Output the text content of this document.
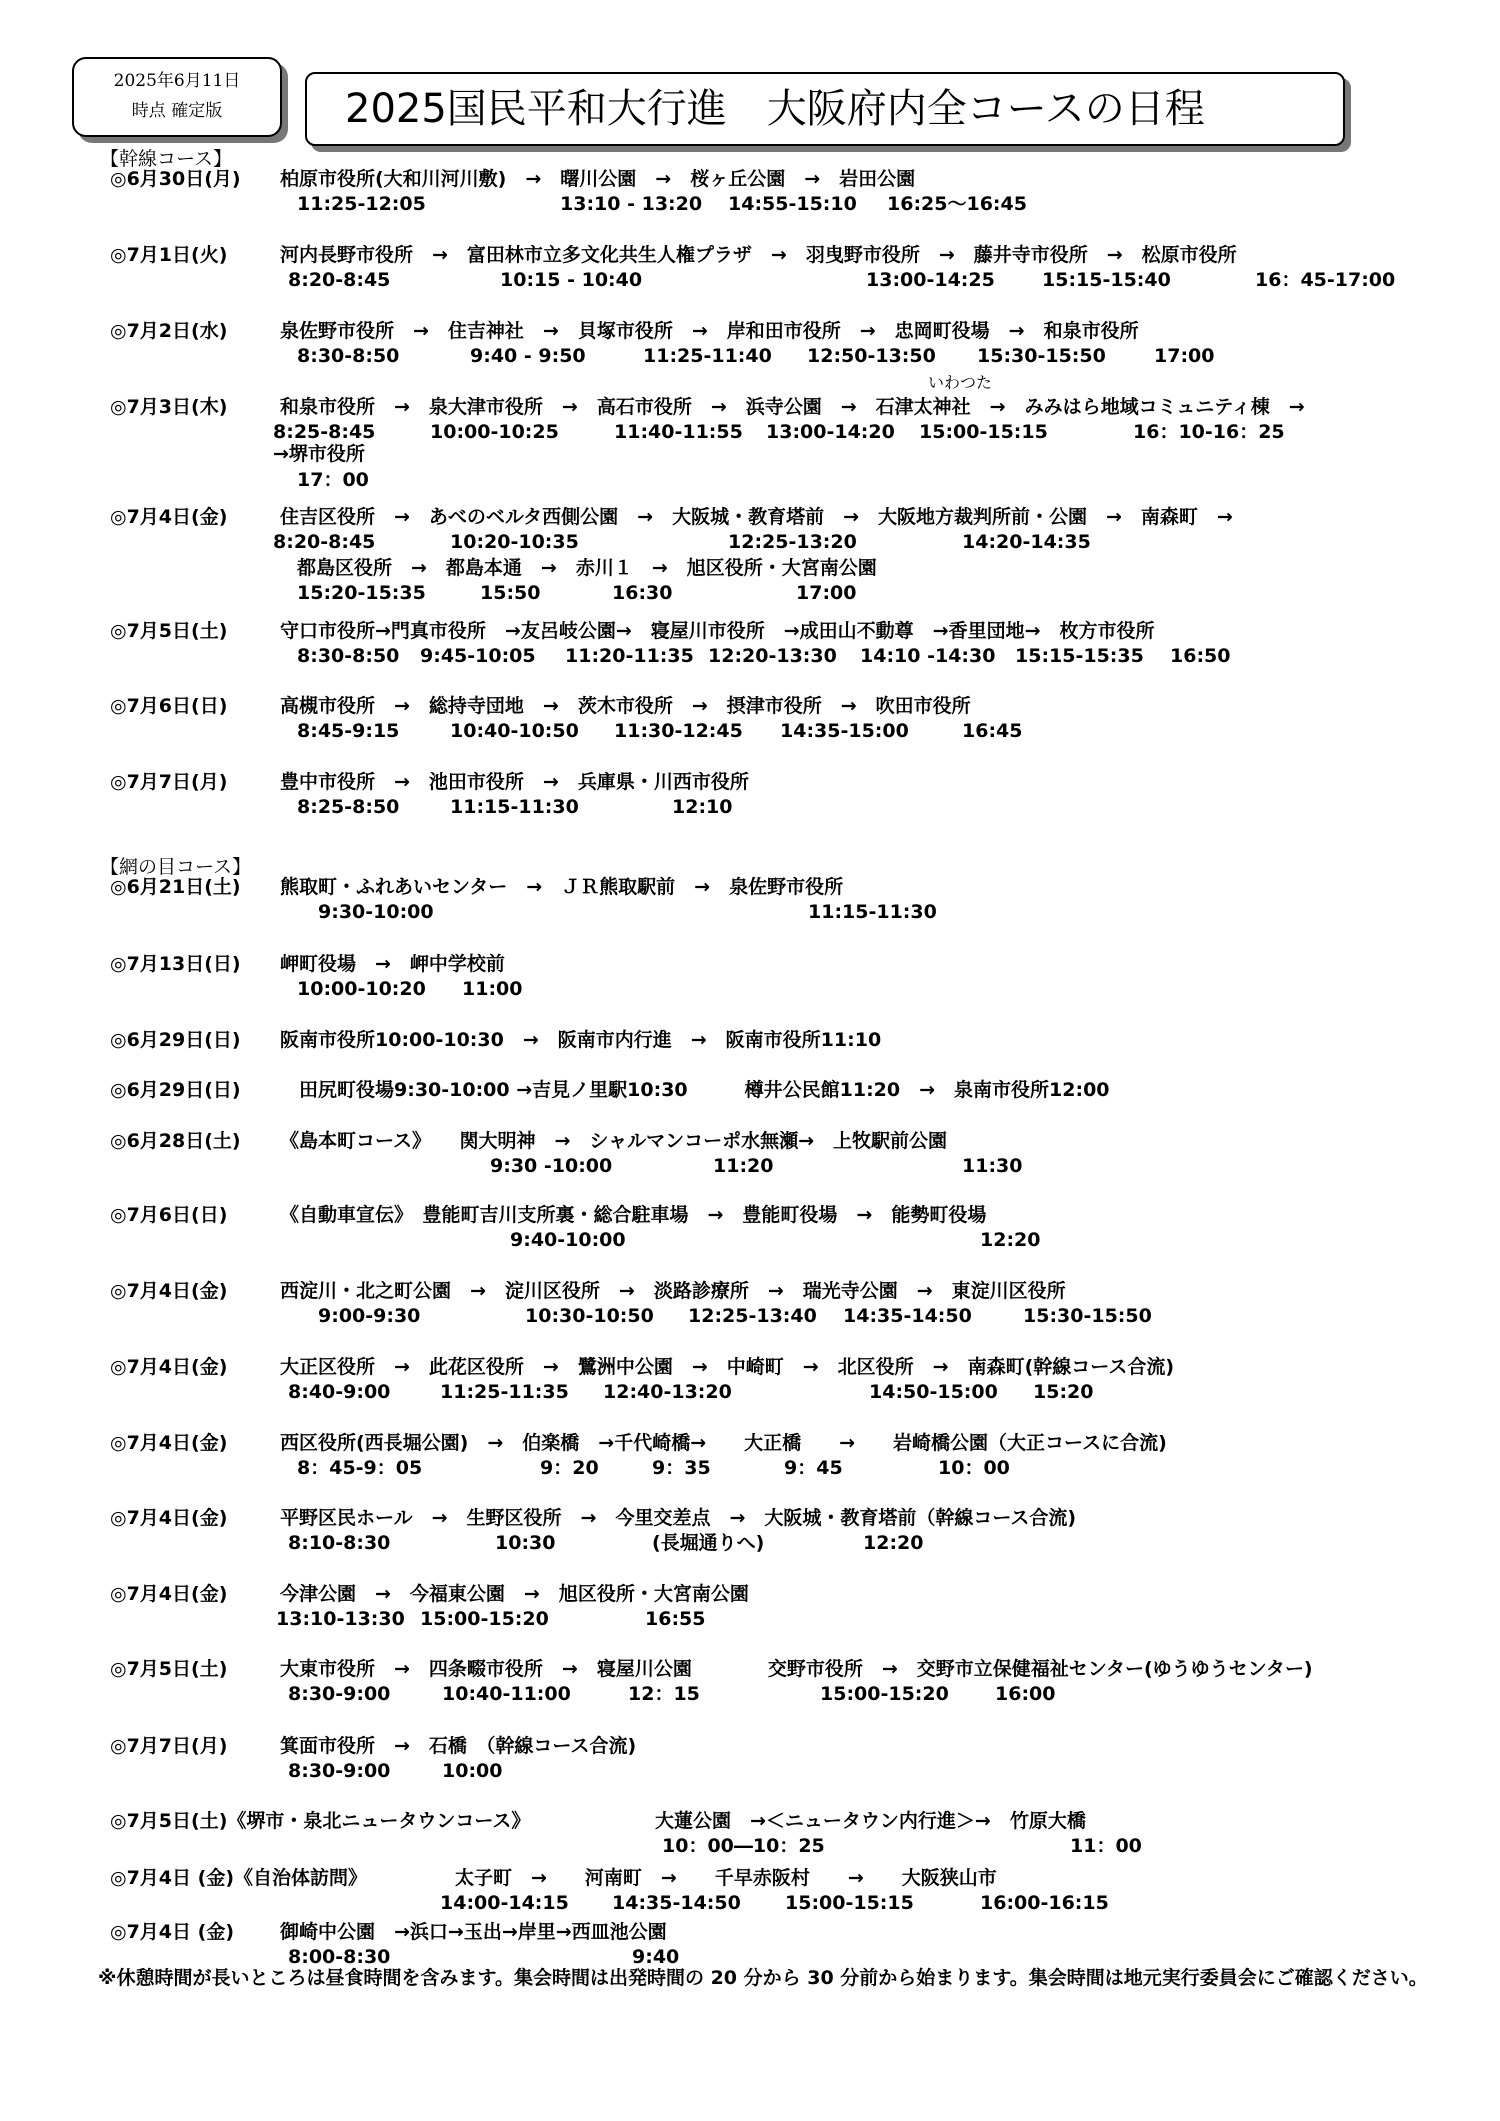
2025年6月11日
時点 確定版	2025国民平和大行進　大阪府内全コースの日程
【幹線コース】
【網の目コース】
◎6月30日(月) 柏原市役所(大和川河川敷)　→　曙川公園　→　桜ヶ丘公園　→　岩田公園
11:25-12:05	13:10 - 13:20 14:55-15:10 16:25～16:45
◎7月1日(火)	河内長野市役所　→　富田林市立多文化共生人権プラザ　→　羽曳野市役所　→　藤井寺市役所　→　松原市役所
8:20-8:45	10:15 - 10:40	13:00-14:25 15:15-15:40	16：45-17:00
◎7月2日(水)	泉佐野市役所　→　住吉神社　→　貝塚市役所　→　岸和田市役所　→　忠岡町役場　→　和泉市役所
8:30-8:50	9:40 - 9:50	11:25-11:40 12:50-13:50 15:30-15:50	17:00
◎7月3日(木)	和泉市役所　→　泉大津市役所　→　高石市役所　→　浜寺公園　→　石津太神社　→　みみはら地域コミュニティ棟　→
いわつた
8:25-8:45	10:00-10:25	11:40-11:55 13:00-14:20 15:00-15:15	16：10-16：25
→堺市役所
17：00
◎7月4日(金)	住吉区役所　→　あべのベルタ西側公園　→　大阪城・教育塔前　→　大阪地方裁判所前・公園　→　南森町　→
8:20-8:45	10:20-10:35	12:25-13:20	14:20-14:35
都島区役所　→　都島本通　→　赤川１　→　旭区役所・大宮南公園
15:20-15:35	15:50	16:30	17:00
◎7月5日(土)	守口市役所→門真市役所　→友呂岐公園→　寝屋川市役所　→成田山不動尊　→香里団地→　枚方市役所
8:30-8:50 9:45-10:05 11:20-11:35 12:20-13:30 14:10 -14:30 15:15-15:35 16:50
◎7月6日(日)	高槻市役所　→　総持寺団地　→　茨木市役所　→　摂津市役所　→　吹田市役所
8:45-9:15	10:40-10:50 11:30-12:45 14:35-15:00	16:45
◎7月7日(月)	豊中市役所　→　池田市役所　→　兵庫県・川西市役所
8:25-8:50	11:15-11:30	12:10
◎6月21日(土) 熊取町・ふれあいセンター　→　ＪＲ熊取駅前　→　泉佐野市役所
9:30-10:00	11:15-11:30
◎7月13日(日) 岬町役場　→　岬中学校前
10:00-10:20 11:00
◎6月29日(日) 阪南市役所10:00-10:30　→　阪南市内行進　→　阪南市役所11:10
◎6月29日(日) 　田尻町役場9:30-10:00 →吉見ノ里駅10:30　　　樽井公民館11:20　→　泉南市役所12:00
◎6月28日(土) 《島本町コース》　　関大明神　→　シャルマンコーポ水無瀬→　上牧駅前公園
9:30 -10:00	11:20	11:30
◎7月6日(日)	《自動車宣伝》　豊能町吉川支所裏・総合駐車場　→　豊能町役場　→　能勢町役場
9:40-10:00	12:20
◎7月4日(金)	西淀川・北之町公園　→　淀川区役所　→　淡路診療所　→　瑞光寺公園　→　東淀川区役所
9:00-9:30	10:30-10:50 12:25-13:40 14:35-14:50	15:30-15:50
◎7月4日(金)	大正区役所　→　此花区役所　→　鷺洲中公園　→　中崎町　→　北区役所　→　南森町(幹線コース合流)
8:40-9:00	11:25-11:35 12:40-13:20	14:50-15:00 15:20
◎7月4日(金)	西区役所(西長堀公園)　→　伯楽橋　→千代崎橋→　　大正橋　　→　　岩崎橋公園（大正コースに合流)
8：45-9：05	9：20	9：35	9：45	10：00
◎7月4日(金)	平野区民ホール　→　生野区役所　→　今里交差点　→　大阪城・教育塔前（幹線コース合流)
8:10-8:30	10:30	(長堀通りへ)	12:20
◎7月4日(金)	今津公園　→　今福東公園　→　旭区役所・大宮南公園
13:10-13:30 15:00-15:20	16:55
◎7月5日(土)	大東市役所　→　四条畷市役所　→　寝屋川公園　　　　交野市役所　→　交野市立保健福祉センター(ゆうゆうセンター)
8:30-9:00	10:40-11:00	12：15	15:00-15:20 16:00
◎7月7日(月)	箕面市役所　→　石橋　（幹線コース合流)
8:30-9:00	10:00
◎7月5日(土)《堺市・泉北ニュータウンコース》	大蓮公園　→＜ニュータウン内行進＞→　竹原大橋
10：00―10：25	11：00
◎7月4日 (金)《自治体訪問》	太子町　→　　河南町　→　　千早赤阪村　　→　　大阪狭山市
14:00-14:15 14:35-14:50 15:00-15:15	16:00-16:15
◎7月4日 (金) 御崎中公園　→浜口→玉出→岸里→西皿池公園
8:00-8:30	9:40
※休憩時間が長いところは昼食時間を含みます。集会時間は出発時間の 20 分から 30 分前から始まります。集会時間は地元実行委員会にご確認ください。
